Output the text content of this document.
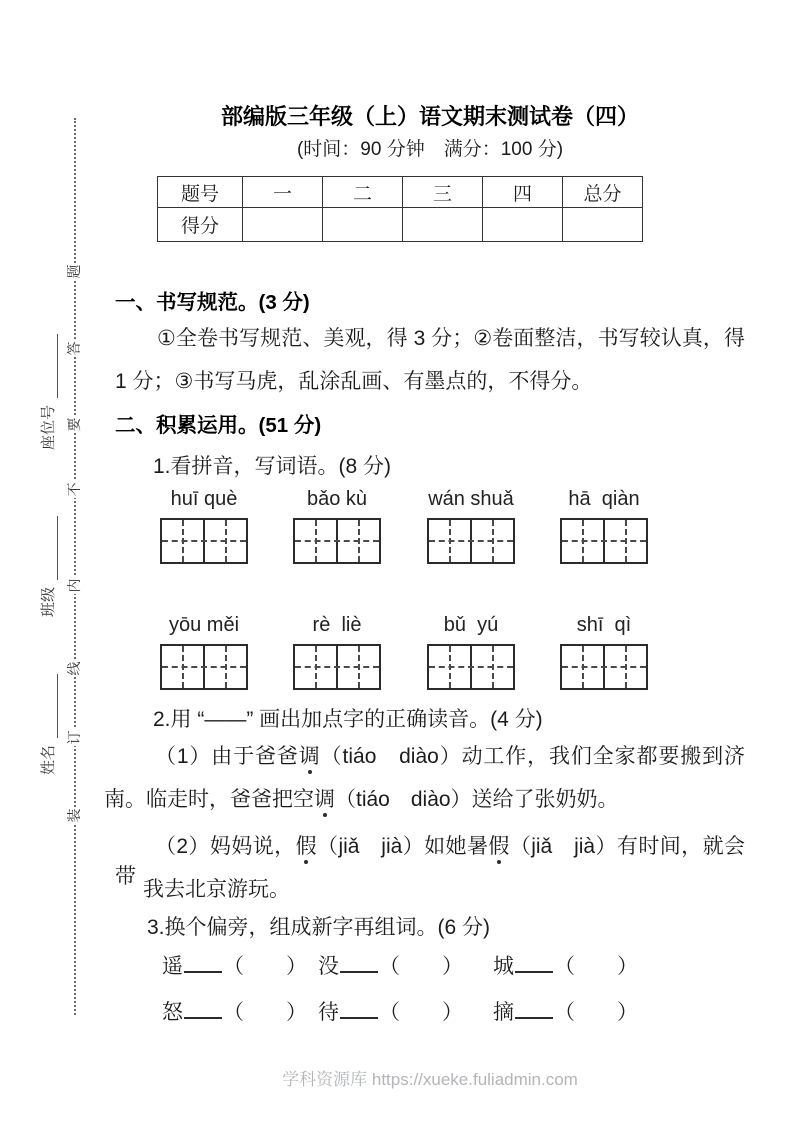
座位号
班级
姓名
题
答
要
不
内
线
订
装
部编版三年级（上）语文期末测试卷（四）
(时间：90 分钟　满分：100 分)
题号	一	二	三	四	总分
得分					
一、书写规范。(3 分)
①全卷书写规范、美观，得 3 分；②卷面整洁，书写较认真，得
1 分；③书写马虎，乱涂乱画、有墨点的，不得分。
二、积累运用。(51 分)
1.看拼音，写词语。(8 分)
huī què	bǎo kù	wán shuǎ	hā  qiàn
yōu měi	rè  liè	bǔ  yú	shī  qì
2.用 “——” 画出加点字的正确读音。(4 分)
（1）由于爸爸调（tiáo　diào）动工作，我们全家都要搬到济
南。临走时，爸爸把空调（tiáo　diào）送给了张奶奶。
（2）妈妈说，假（jiǎ　jià）如她暑假（jiǎ　jià）有时间，就会带
我去北京游玩。
3.换个偏旁，组成新字再组词。(6 分)
遥 （　　） 没 （　　） 城 （　　）
怒 （　　） 待 （　　） 摘 （　　）
学科资源库 https://xueke.fuliadmin.com
